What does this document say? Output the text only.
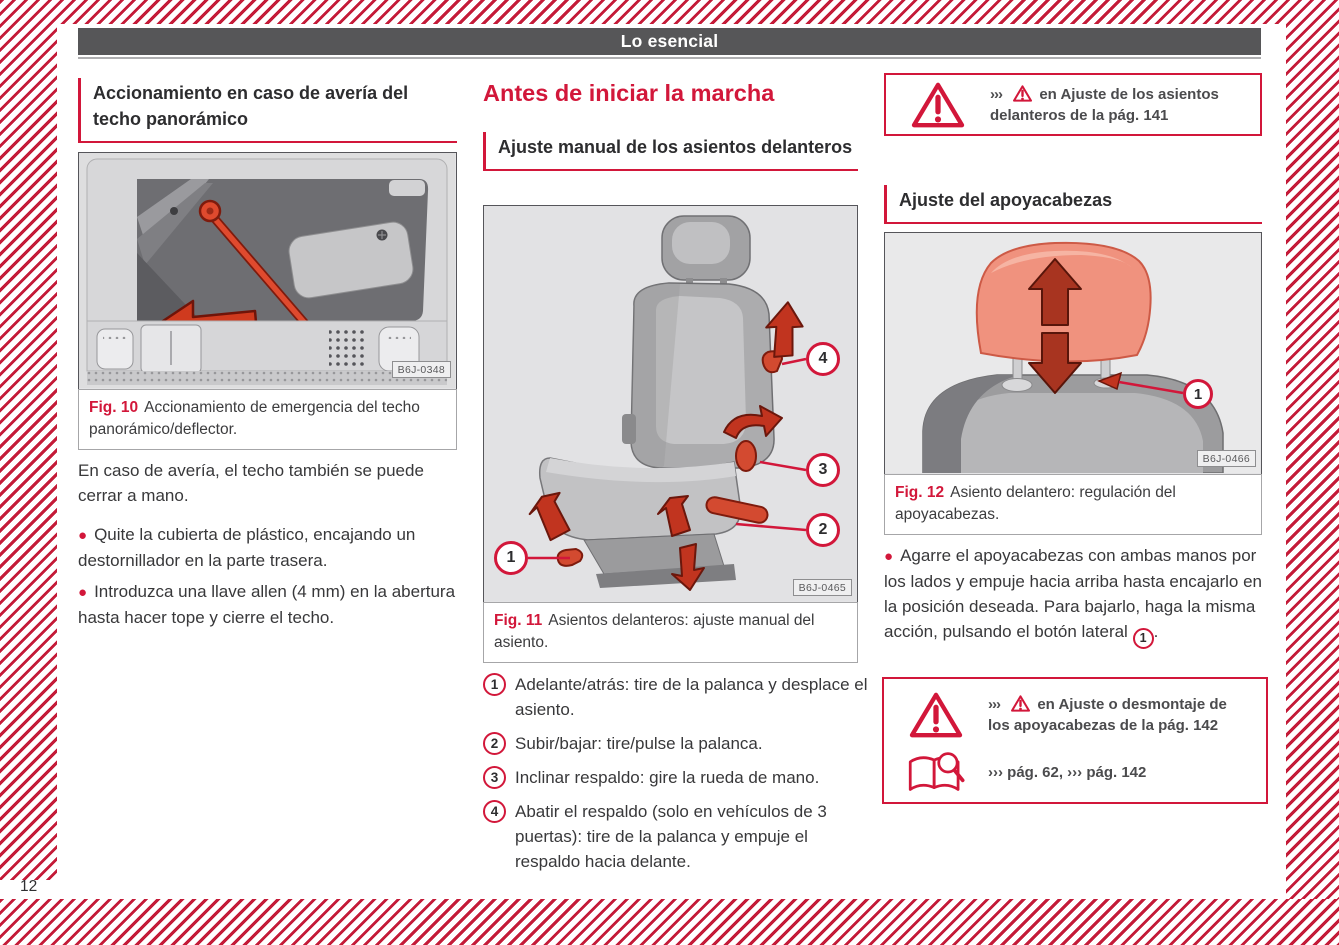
Lo esencial
Accionamiento en caso de avería del techo panorámico
B6J-0348
Fig. 10 Accionamiento de emergencia del techo panorámico/deflector.
En caso de avería, el techo también se puede cerrar a mano.
● Quite la cubierta de plástico, encajando un destornillador en la parte trasera.
● Introduzca una llave allen (4 mm) en la abertura hasta hacer tope y cierre el techo.
Antes de iniciar la marcha
Ajuste manual de los asientos delanteros
4
3
2
1
B6J-0465
Fig. 11 Asientos delanteros: ajuste manual del asiento.
1 Adelante/atrás: tire de la palanca y desplace el asiento.
2 Subir/bajar: tire/pulse la palanca.
3 Inclinar respaldo: gire la rueda de mano.
4 Abatir el respaldo (solo en vehículos de 3 puertas): tire de la palanca y empuje el respaldo hacia delante.
››› en Ajuste de los asientos delanteros de la pág. 141
Ajuste del apoyacabezas
1
B6J-0466
Fig. 12 Asiento delantero: regulación del apoyacabezas.
● Agarre el apoyacabezas con ambas manos por los lados y empuje hacia arriba hasta encajarlo en la posición deseada. Para bajarlo, haga la misma acción, pulsando el botón lateral 1 .
››› en Ajuste o desmontaje de los apoyacabezas de la pág. 142
››› pág. 62, ››› pág. 142
12
